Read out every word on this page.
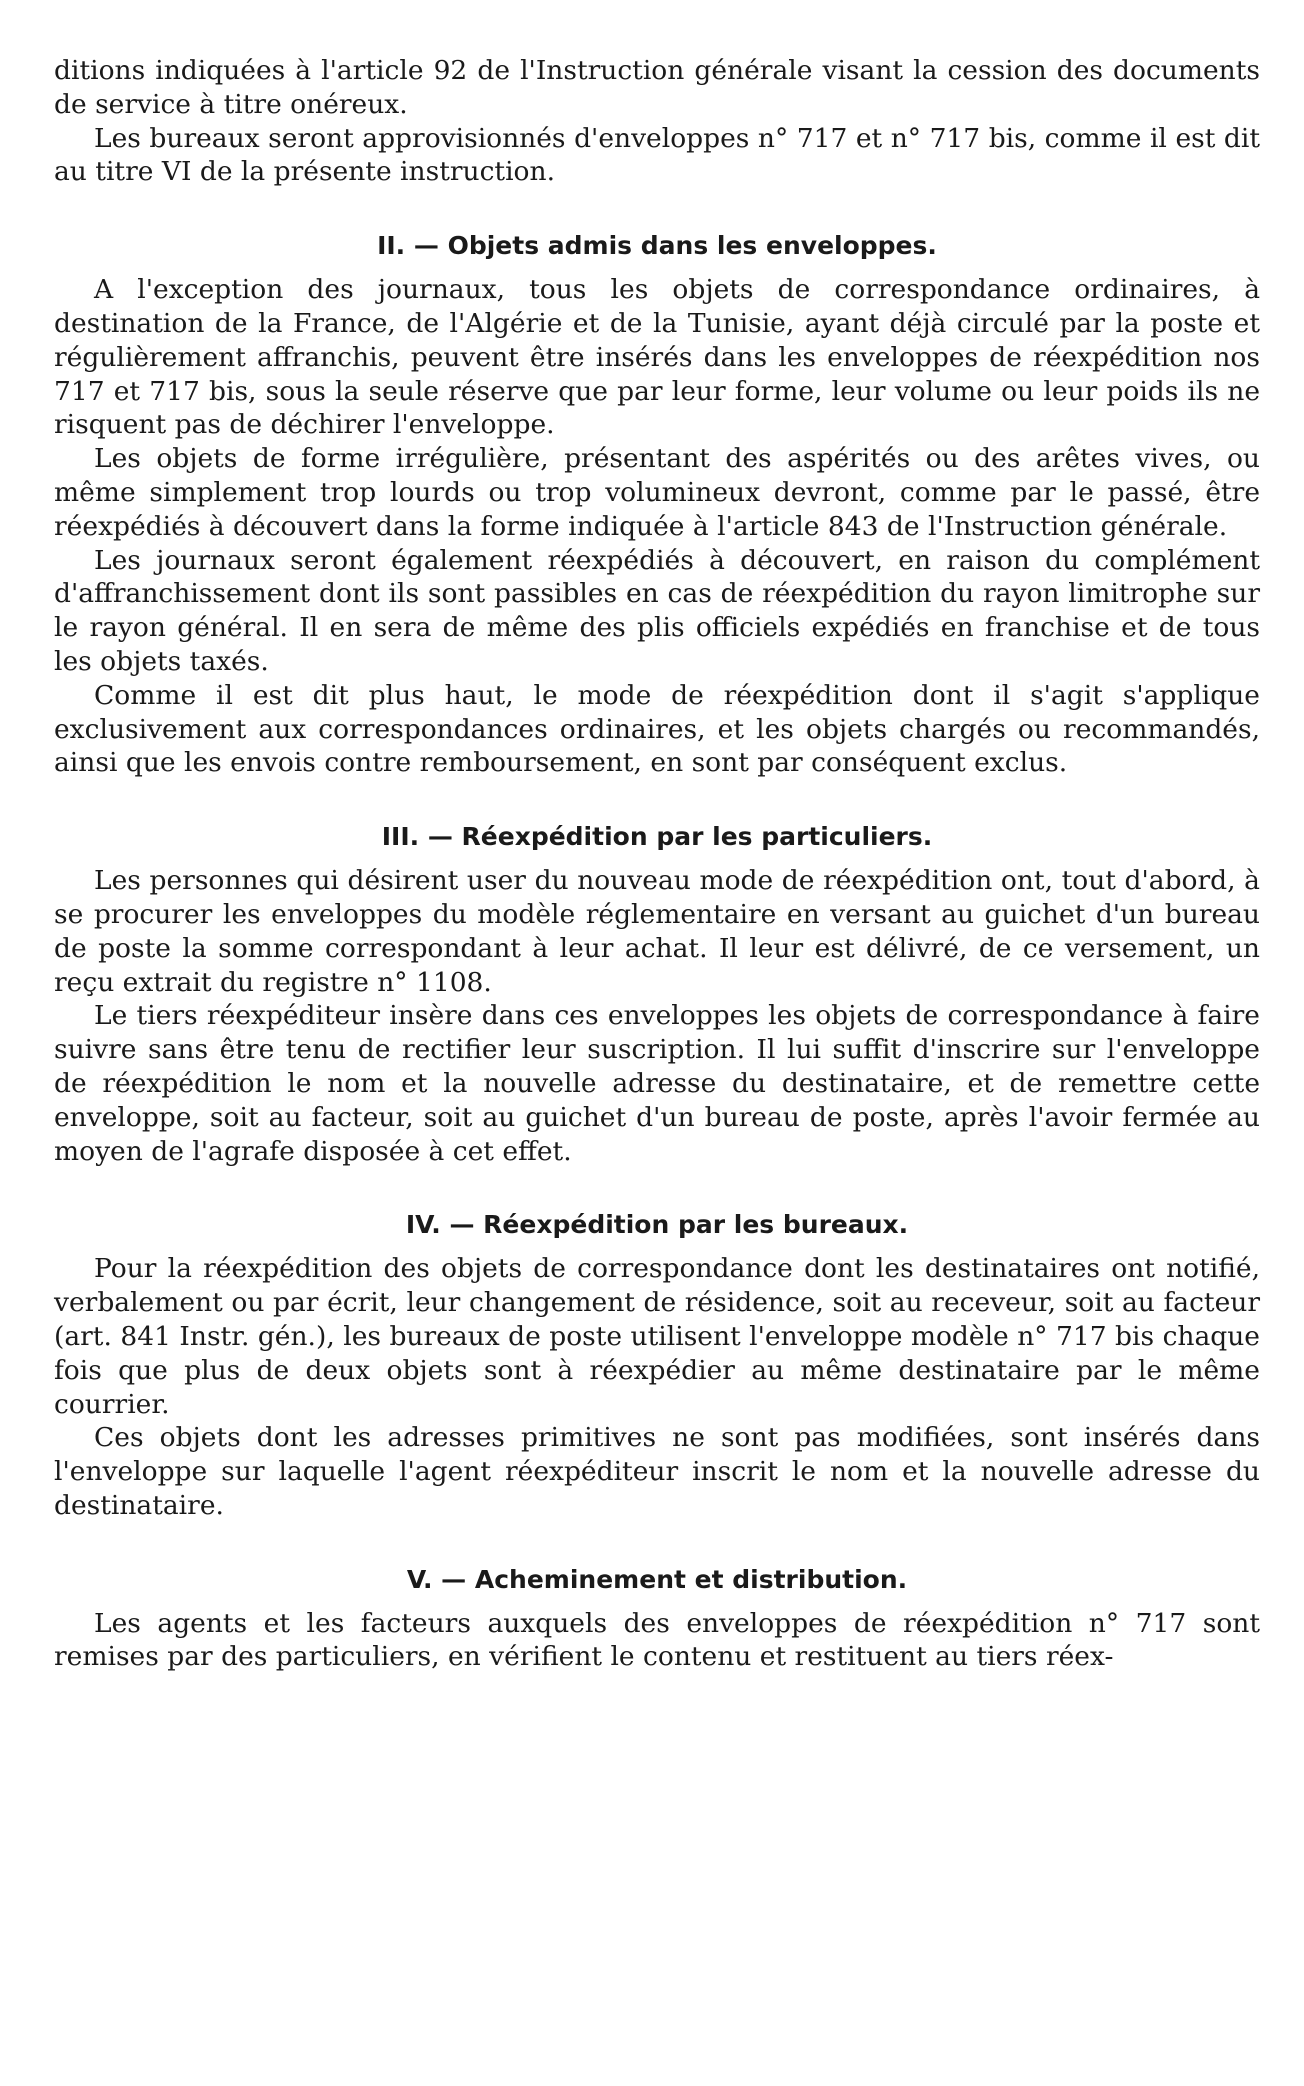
ditions indiquées à l'article 92 de l'Instruction générale visant la cession des documents de service à titre onéreux.

Les bureaux seront approvisionnés d'enveloppes n° 717 et n° 717 bis, comme il est dit au titre VI de la présente instruction.

II. — Objets admis dans les enveloppes.

A l'exception des journaux, tous les objets de correspondance ordinaires, à destination de la France, de l'Algérie et de la Tunisie, ayant déjà circulé par la poste et régulièrement affranchis, peuvent être insérés dans les enveloppes de réexpédition nos 717 et 717 bis, sous la seule réserve que par leur forme, leur volume ou leur poids ils ne risquent pas de déchirer l'enveloppe.

Les objets de forme irrégulière, présentant des aspérités ou des arêtes vives, ou même simplement trop lourds ou trop volumineux devront, comme par le passé, être réexpédiés à découvert dans la forme indiquée à l'article 843 de l'Instruction générale.

Les journaux seront également réexpédiés à découvert, en raison du complément d'affranchissement dont ils sont passibles en cas de réexpédition du rayon limitrophe sur le rayon général. Il en sera de même des plis officiels expédiés en franchise et de tous les objets taxés.

Comme il est dit plus haut, le mode de réexpédition dont il s'agit s'applique exclusivement aux correspondances ordinaires, et les objets chargés ou recommandés, ainsi que les envois contre remboursement, en sont par conséquent exclus.

III. — Réexpédition par les particuliers.

Les personnes qui désirent user du nouveau mode de réexpédition ont, tout d'abord, à se procurer les enveloppes du modèle réglementaire en versant au guichet d'un bureau de poste la somme correspondant à leur achat. Il leur est délivré, de ce versement, un reçu extrait du registre n° 1108.

Le tiers réexpéditeur insère dans ces enveloppes les objets de correspondance à faire suivre sans être tenu de rectifier leur suscription. Il lui suffit d'inscrire sur l'enveloppe de réexpédition le nom et la nouvelle adresse du destinataire, et de remettre cette enveloppe, soit au facteur, soit au guichet d'un bureau de poste, après l'avoir fermée au moyen de l'agrafe disposée à cet effet.

IV. — Réexpédition par les bureaux.

Pour la réexpédition des objets de correspondance dont les destinataires ont notifié, verbalement ou par écrit, leur changement de résidence, soit au receveur, soit au facteur (art. 841 Instr. gén.), les bureaux de poste utilisent l'enveloppe modèle n° 717 bis chaque fois que plus de deux objets sont à réexpédier au même destinataire par le même courrier.

Ces objets dont les adresses primitives ne sont pas modifiées, sont insérés dans l'enveloppe sur laquelle l'agent réexpéditeur inscrit le nom et la nouvelle adresse du destinataire.

V. — Acheminement et distribution.

Les agents et les facteurs auxquels des enveloppes de réexpédition n° 717 sont remises par des particuliers, en vérifient le contenu et restituent au tiers réex-
